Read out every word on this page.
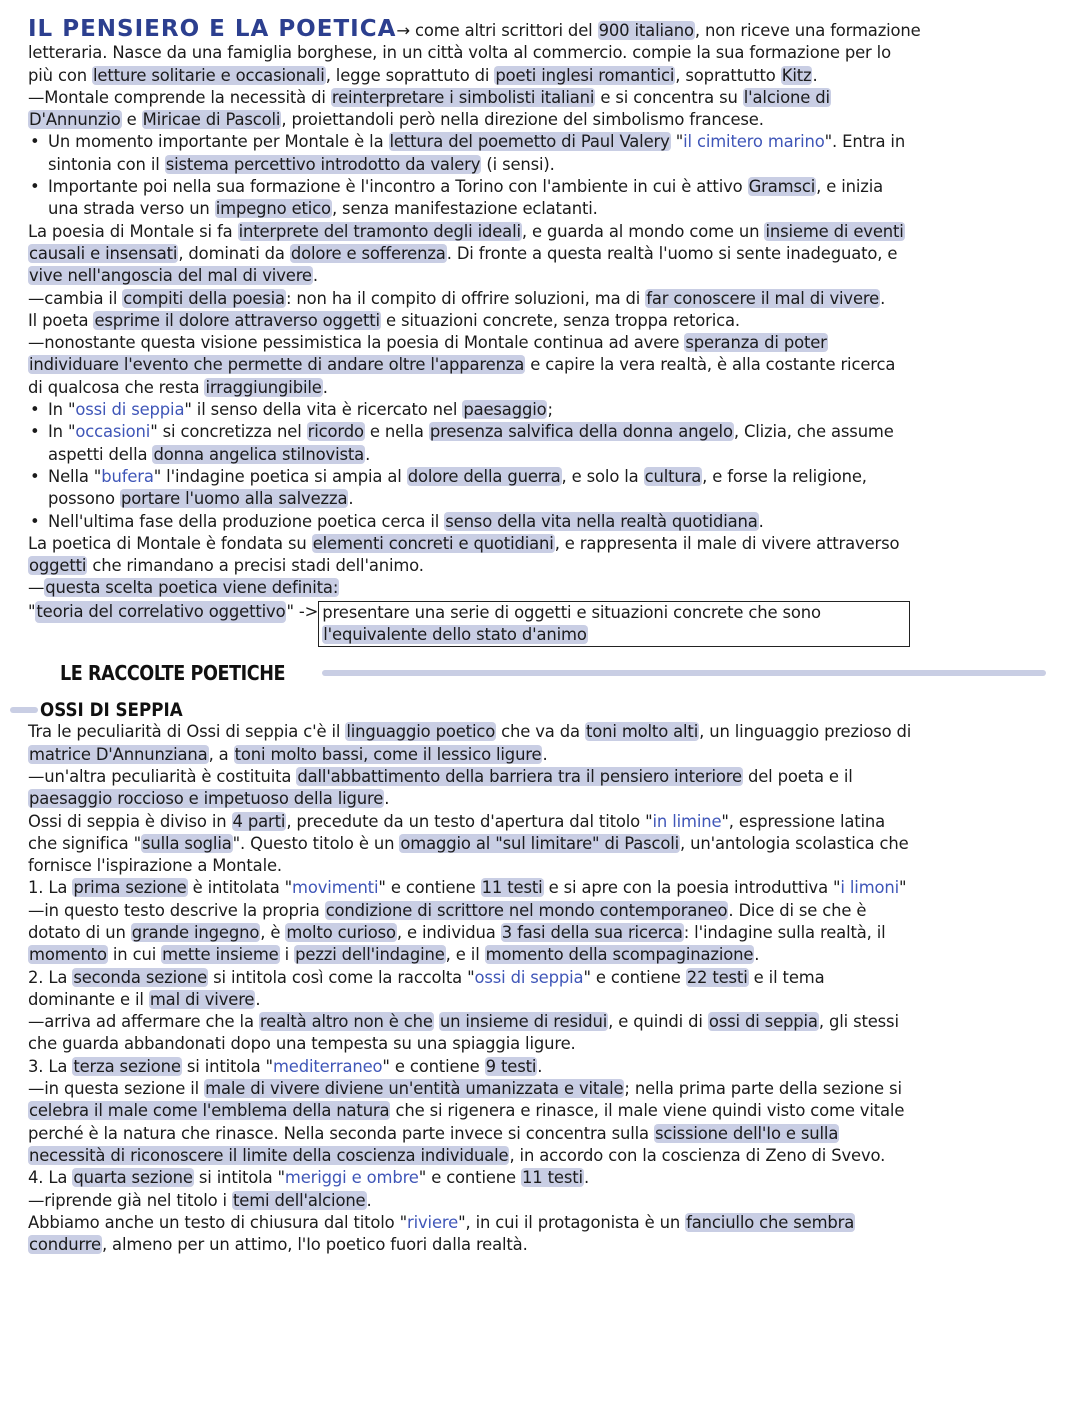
IL PENSIERO E LA POETICA→ come altri scrittori del 900 italiano, non riceve una formazione
letteraria. Nasce da una famiglia borghese, in un città volta al commercio. compie la sua formazione per lo
più con letture solitarie e occasionali, legge soprattuto di poeti inglesi romantici, soprattutto Kitz.
—Montale comprende la necessità di reinterpretare i simbolisti italiani e si concentra su l'alcione di
D'Annunzio e Miricae di Pascoli, proiettandoli però nella direzione del simbolismo francese.
• Un momento importante per Montale è la lettura del poemetto di Paul Valery "il cimitero marino". Entra in
sintonia con il sistema percettivo introdotto da valery (i sensi).
• Importante poi nella sua formazione è l'incontro a Torino con l'ambiente in cui è attivo Gramsci, e inizia
una strada verso un impegno etico, senza manifestazione eclatanti.
La poesia di Montale si fa interprete del tramonto degli ideali, e guarda al mondo come un insieme di eventi
causali e insensati, dominati da dolore e sofferenza. Di fronte a questa realtà l'uomo si sente inadeguato, e
vive nell'angoscia del mal di vivere.
—cambia il compiti della poesia: non ha il compito di offrire soluzioni, ma di far conoscere il mal di vivere.
Il poeta esprime il dolore attraverso oggetti e situazioni concrete, senza troppa retorica.
—nonostante questa visione pessimistica la poesia di Montale continua ad avere speranza di poter
individuare l'evento che permette di andare oltre l'apparenza e capire la vera realtà, è alla costante ricerca
di qualcosa che resta irraggiungibile.
• In "ossi di seppia" il senso della vita è ricercato nel paesaggio;
• In "occasioni" si concretizza nel ricordo e nella presenza salvifica della donna angelo, Clizia, che assume
aspetti della donna angelica stilnovista.
• Nella "bufera" l'indagine poetica si ampia al dolore della guerra, e solo la cultura, e forse la religione,
possono portare l'uomo alla salvezza.
• Nell'ultima fase della produzione poetica cerca il senso della vita nella realtà quotidiana.
La poetica di Montale è fondata su elementi concreti e quotidiani, e rappresenta il male di vivere attraverso
oggetti che rimandano a precisi stadi dell'animo.
—questa scelta poetica viene definita:
" teoria del correlativo oggettivo " -> presentare una serie di oggetti e situazioni concrete che sono l'equivalente dello stato d'animo
LE RACCOLTE POETICHE
OSSI DI SEPPIA
Tra le peculiarità di Ossi di seppia c'è il linguaggio poetico che va da toni molto alti, un linguaggio prezioso di
matrice D'Annunziana, a toni molto bassi, come il lessico ligure.
—un'altra peculiarità è costituita dall'abbattimento della barriera tra il pensiero interiore del poeta e il
paesaggio roccioso e impetuoso della ligure.
Ossi di seppia è diviso in 4 parti, precedute da un testo d'apertura dal titolo "in limine", espressione latina
che significa "sulla soglia". Questo titolo è un omaggio al "sul limitare" di Pascoli, un'antologia scolastica che
fornisce l'ispirazione a Montale.
1. La prima sezione è intitolata "movimenti" e contiene 11 testi e si apre con la poesia introduttiva "i limoni"
—in questo testo descrive la propria condizione di scrittore nel mondo contemporaneo. Dice di se che è
dotato di un grande ingegno, è molto curioso, e individua 3 fasi della sua ricerca: l'indagine sulla realtà, il
momento in cui mette insieme i pezzi dell'indagine, e il momento della scompaginazione.
2. La seconda sezione si intitola così come la raccolta "ossi di seppia" e contiene 22 testi e il tema
dominante e il mal di vivere.
—arriva ad affermare che la realtà altro non è che un insieme di residui, e quindi di ossi di seppia, gli stessi
che guarda abbandonati dopo una tempesta su una spiaggia ligure.
3. La terza sezione si intitola "mediterraneo" e contiene 9 testi.
—in questa sezione il male di vivere diviene un'entità umanizzata e vitale; nella prima parte della sezione si
celebra il male come l'emblema della natura che si rigenera e rinasce, il male viene quindi visto come vitale
perché è la natura che rinasce. Nella seconda parte invece si concentra sulla scissione dell'Io e sulla
necessità di riconoscere il limite della coscienza individuale, in accordo con la coscienza di Zeno di Svevo.
4. La quarta sezione si intitola "meriggi e ombre" e contiene 11 testi.
—riprende già nel titolo i temi dell'alcione.
Abbiamo anche un testo di chiusura dal titolo "riviere", in cui il protagonista è un fanciullo che sembra
condurre, almeno per un attimo, l'Io poetico fuori dalla realtà.
